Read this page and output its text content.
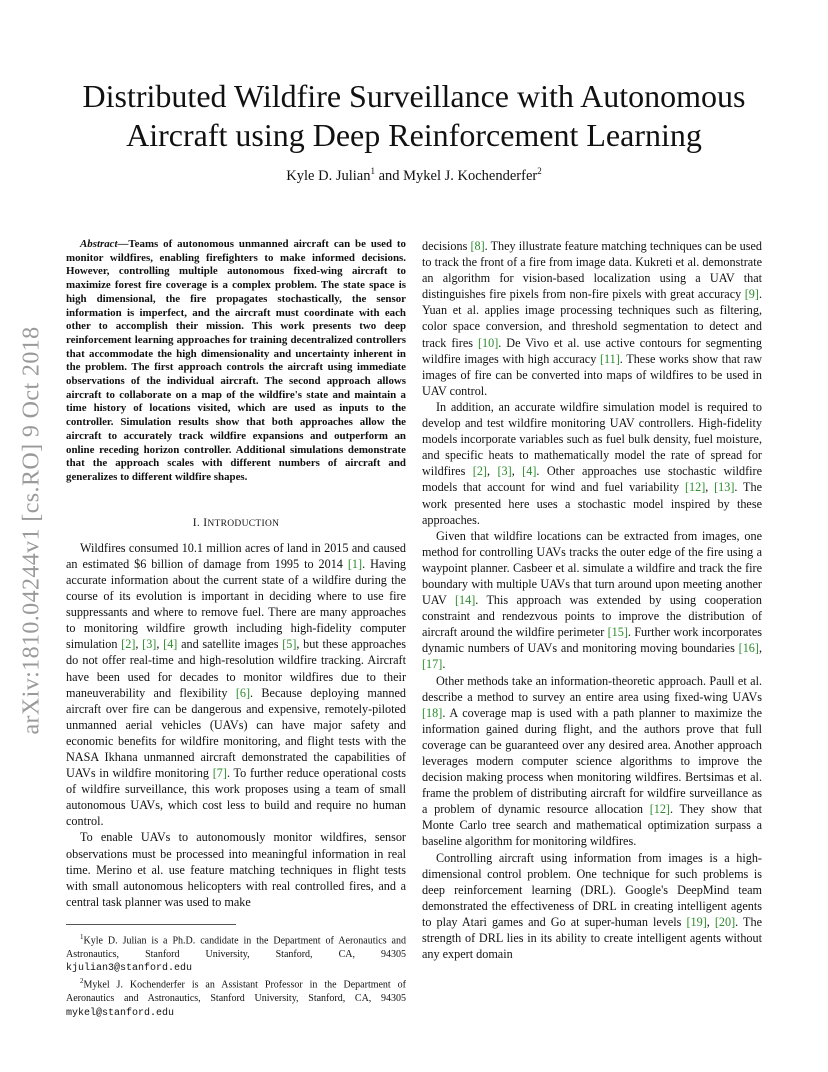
arXiv:1810.04244v1 [cs.RO] 9 Oct 2018
Distributed Wildfire Surveillance with Autonomous Aircraft using Deep Reinforcement Learning
Kyle D. Julian$^1$ and Mykel J. Kochenderfer$^2$

Abstract—Teams of autonomous unmanned aircraft can be used to monitor wildfires, enabling firefighters to make informed decisions. However, controlling multiple autonomous fixed-wing aircraft to maximize forest fire coverage is a complex problem. The state space is high dimensional, the fire propagates stochastically, the sensor information is imperfect, and the aircraft must coordinate with each other to accomplish their mission. This work presents two deep reinforcement learning approaches for training decentralized controllers that accommodate the high dimensionality and uncertainty inherent in the problem. The first approach controls the aircraft using immediate observations of the individual aircraft. The second approach allows aircraft to collaborate on a map of the wildfire's state and maintain a time history of locations visited, which are used as inputs to the controller. Simulation results show that both approaches allow the aircraft to accurately track wildfire expansions and outperform an online receding horizon controller. Additional simulations demonstrate that the approach scales with different numbers of aircraft and generalizes to different wildfire shapes.

I. INTRODUCTION

Wildfires consumed 10.1 million acres of land in 2015 and caused an estimated $6 billion of damage from 1995 to 2014 [1]. Having accurate information about the current state of a wildfire during the course of its evolution is important in deciding where to use fire suppressants and where to remove fuel. There are many approaches to monitoring wildfire growth including high-fidelity computer simulation [2], [3], [4] and satellite images [5], but these approaches do not offer real-time and high-resolution wildfire tracking. Aircraft have been used for decades to monitor wildfires due to their maneuverability and flexibility [6]. Because deploying manned aircraft over fire can be dangerous and expensive, remotely-piloted unmanned aerial vehicles (UAVs) can have major safety and economic benefits for wildfire monitoring, and flight tests with the NASA Ikhana unmanned aircraft demonstrated the capabilities of UAVs in wildfire monitoring [7]. To further reduce operational costs of wildfire surveillance, this work proposes using a team of small autonomous UAVs, which cost less to build and require no human control.

To enable UAVs to autonomously monitor wildfires, sensor observations must be processed into meaningful information in real time. Merino et al. use feature matching techniques in flight tests with small autonomous helicopters with real controlled fires, and a central task planner was used to make

$^1$Kyle D. Julian is a Ph.D. candidate in the Department of Aeronautics and Astronautics, Stanford University, Stanford, CA, 94305 kjulian3@stanford.edu

$^2$Mykel J. Kochenderfer is an Assistant Professor in the Department of Aeronautics and Astronautics, Stanford University, Stanford, CA, 94305 mykel@stanford.edu

decisions [8]. They illustrate feature matching techniques can be used to track the front of a fire from image data. Kukreti et al. demonstrate an algorithm for vision-based localization using a UAV that distinguishes fire pixels from non-fire pixels with great accuracy [9]. Yuan et al. applies image processing techniques such as filtering, color space conversion, and threshold segmentation to detect and track fires [10]. De Vivo et al. use active contours for segmenting wildfire images with high accuracy [11]. These works show that raw images of fire can be converted into maps of wildfires to be used in UAV control.

In addition, an accurate wildfire simulation model is required to develop and test wildfire monitoring UAV controllers. High-fidelity models incorporate variables such as fuel bulk density, fuel moisture, and specific heats to mathematically model the rate of spread for wildfires [2], [3], [4]. Other approaches use stochastic wildfire models that account for wind and fuel variability [12], [13]. The work presented here uses a stochastic model inspired by these approaches.

Given that wildfire locations can be extracted from images, one method for controlling UAVs tracks the outer edge of the fire using a waypoint planner. Casbeer et al. simulate a wildfire and track the fire boundary with multiple UAVs that turn around upon meeting another UAV [14]. This approach was extended by using cooperation constraint and rendezvous points to improve the distribution of aircraft around the wildfire perimeter [15]. Further work incorporates dynamic numbers of UAVs and monitoring moving boundaries [16], [17].

Other methods take an information-theoretic approach. Paull et al. describe a method to survey an entire area using fixed-wing UAVs [18]. A coverage map is used with a path planner to maximize the information gained during flight, and the authors prove that full coverage can be guaranteed over any desired area. Another approach leverages modern computer science algorithms to improve the decision making process when monitoring wildfires. Bertsimas et al. frame the problem of distributing aircraft for wildfire surveillance as a problem of dynamic resource allocation [12]. They show that Monte Carlo tree search and mathematical optimization surpass a baseline algorithm for monitoring wildfires.

Controlling aircraft using information from images is a high-dimensional control problem. One technique for such problems is deep reinforcement learning (DRL). Google's DeepMind team demonstrated the effectiveness of DRL in creating intelligent agents to play Atari games and Go at super-human levels [19], [20]. The strength of DRL lies in its ability to create intelligent agents without any expert domain
